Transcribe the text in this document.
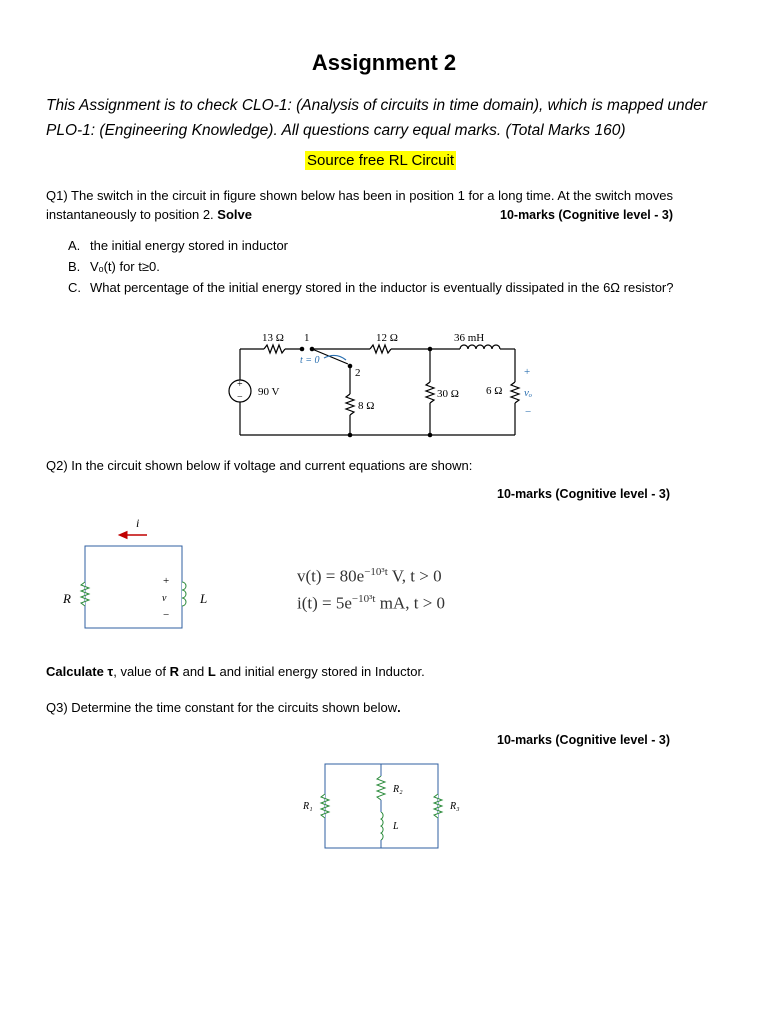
Assignment 2
This Assignment is to check CLO-1: (Analysis of circuits in time domain), which is mapped under PLO-1: (Engineering Knowledge). All questions carry equal marks. (Total Marks 160)
Source free RL Circuit
Q1) The switch in the circuit in figure shown below has been in position 1 for a long time. At the switch moves
instantaneously to position 2. Solve	10-marks (Cognitive level - 3)
A. the initial energy stored in inductor
B. Vₒ(t) for t≥0.
C. What percentage of the initial energy stored in the inductor is eventually dissipated in the 6Ω resistor?
+
−
13 Ω 1
t = 0
2
12 Ω	36 mH
90 V
8 Ω
30 Ω 6 Ω
+
vₒ
−
Q2) In the circuit shown below if voltage and current equations are shown:
10-marks (Cognitive level - 3)
i
R	L
v
+
−
$v(t) = 80e^{-10^3t}$ V, t > 0
$i(t) = 5e^{-10^3t}$ mA, t > 0
Calculate τ, value of R and L and initial energy stored in Inductor.
Q3) Determine the time constant for the circuits shown below.
10-marks (Cognitive level - 3)
R₁
R₂
R₃
L
